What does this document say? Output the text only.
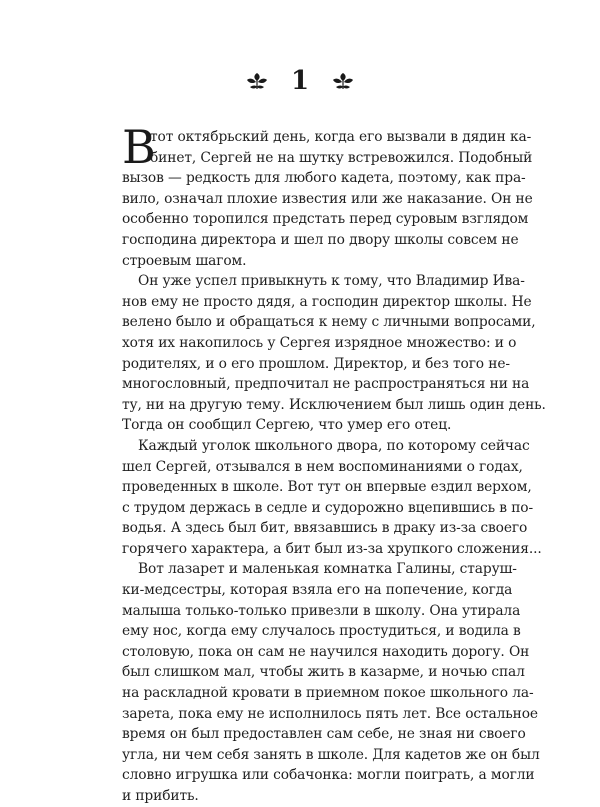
1
В
тот октябрьский день, когда его вызвали в дядин ка-
бинет, Сергей не на шутку встревожился. Подобный
вызов — редкость для любого кадета, поэтому, как пра-
вило, означал плохие известия или же наказание. Он не
особенно торопился предстать перед суровым взглядом
господина директора и шел по двору школы совсем не
строевым шагом.
Он уже успел привыкнуть к тому, что Владимир Ива-
нов ему не просто дядя, а господин директор школы. Не
велено было и обращаться к нему с личными вопросами,
хотя их накопилось у Сергея изрядное множество: и о
родителях, и о его прошлом. Директор, и без того не-
многословный, предпочитал не распространяться ни на
ту, ни на другую тему. Исключением был лишь один день.
Тогда он сообщил Сергею, что умер его отец.
Каждый уголок школьного двора, по которому сейчас
шел Сергей, отзывался в нем воспоминаниями о годах,
проведенных в школе. Вот тут он впервые ездил верхом,
с трудом держась в седле и судорожно вцепившись в по-
водья. А здесь был бит, ввязавшись в драку из-за своего
горячего характера, а бит был из-за хрупкого сложения...
Вот лазарет и маленькая комнатка Галины, старуш-
ки-медсестры, которая взяла его на попечение, когда
малыша только-только привезли в школу. Она утирала
ему нос, когда ему случалось простудиться, и водила в
столовую, пока он сам не научился находить дорогу. Он
был слишком мал, чтобы жить в казарме, и ночью спал
на раскладной кровати в приемном покое школьного ла-
зарета, пока ему не исполнилось пять лет. Все остальное
время он был предоставлен сам себе, не зная ни своего
угла, ни чем себя занять в школе. Для кадетов же он был
словно игрушка или собачонка: могли поиграть, а могли
и прибить.
